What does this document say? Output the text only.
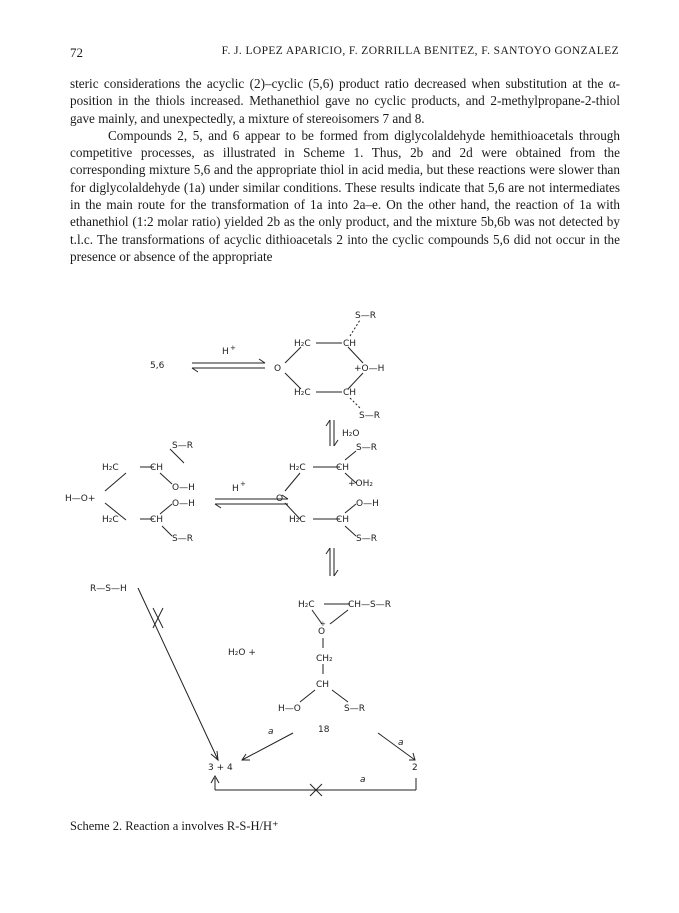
72	F. J. LOPEZ APARICIO, F. ZORRILLA BENITEZ, F. SANTOYO GONZALEZ

steric considerations the acyclic (2)–cyclic (5,6) product ratio decreased when substitution at the α-position in the thiols increased. Methanethiol gave no cyclic products, and 2-methylpropane-2-thiol gave mainly, and unexpectedly, a mixture of stereoisomers 7 and 8.

Compounds 2, 5, and 6 appear to be formed from diglycolaldehyde hemithioacetals through competitive processes, as illustrated in Scheme 1. Thus, 2b and 2d were obtained from the corresponding mixture 5,6 and the appropriate thiol in acid media, but these reactions were slower than for diglycolaldehyde (1a) under similar conditions. These results indicate that 5,6 are not intermediates in the main route for the transformation of 1a into 2a–e. On the other hand, the reaction of 1a with ethanethiol (1:2 molar ratio) yielded 2b as the only product, and the mixture 5b,6b was not detected by t.l.c. The transformations of acyclic dithioacetals 2 into the cyclic compounds 5,6 did not occur in the presence or absence of the appropriate

5,6
H +
S—R
H₂C	CH
O	+O—H
H₂C	CH
S—R
H₂O
S—R
H₂C	CH
O—H
H—O+	O—H
H₂C	CH
S—R
H +
S—R
H₂C	CH
+OH₂
O	O—H
H₂C	CH
S—R
R—S—H
H₂C	CH—S—R
O
+
H₂O +
CH₂
CH
H—O	S—R
18
a
a
3 + 4	2
a
Scheme 2. Reaction a involves R-S-H/H⁺
